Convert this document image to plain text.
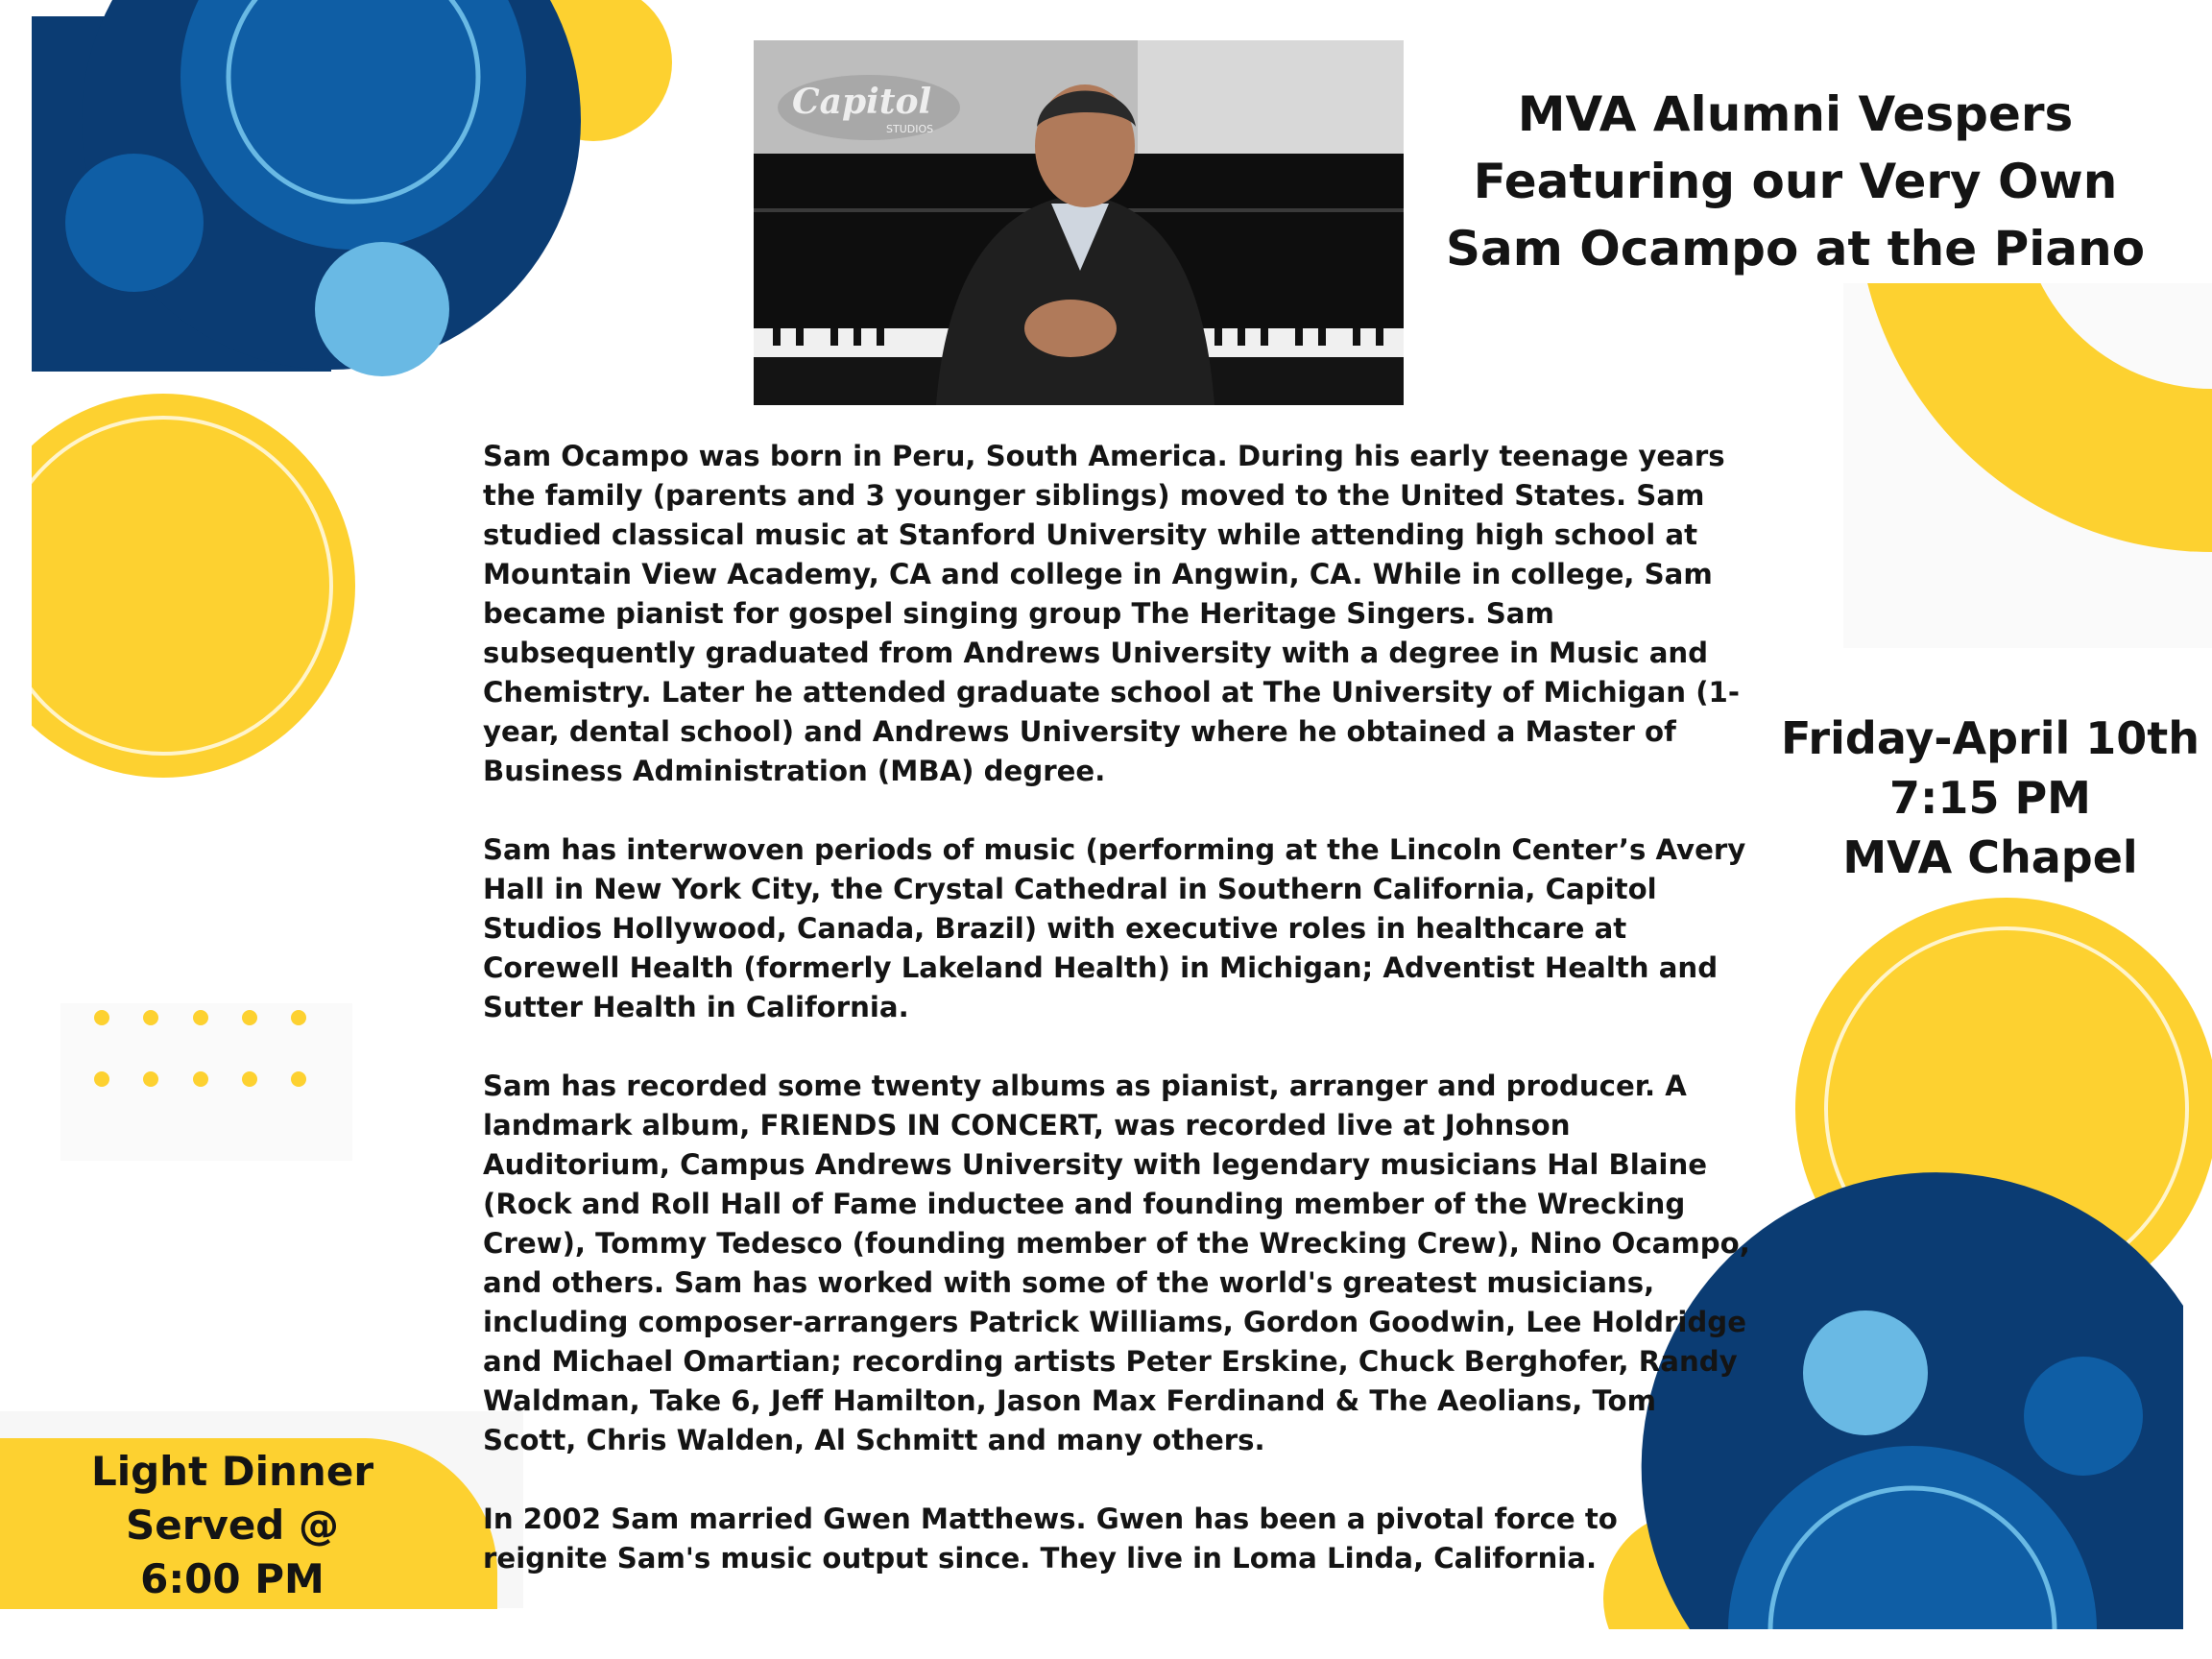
Capitol
STUDIOS	MVA Alumni Vespers
Featuring our Very Own
Sam Ocampo at the Piano

Sam Ocampo was born in Peru, South America. During his early teenage years the family (parents and 3 younger siblings) moved to the United States. Sam studied classical music at Stanford University while attending high school at Mountain View Academy, CA and college in Angwin, CA. While in college, Sam became pianist for gospel singing group The Heritage Singers. Sam subsequently graduated from Andrews University with a degree in Music and Chemistry. Later he attended graduate school at The University of Michigan (1-year, dental school) and Andrews University where he obtained a Master of Business Administration (MBA) degree.

Sam has interwoven periods of music (performing at the Lincoln Center’s Avery Hall in New York City, the Crystal Cathedral in Southern California, Capitol Studios Hollywood, Canada, Brazil) with executive roles in healthcare at Corewell Health (formerly Lakeland Health) in Michigan; Adventist Health and Sutter Health in California.

Sam has recorded some twenty albums as pianist, arranger and producer. A landmark album, FRIENDS IN CONCERT, was recorded live at Johnson Auditorium, Campus Andrews University with legendary musicians Hal Blaine (Rock and Roll Hall of Fame inductee and founding member of the Wrecking Crew), Tommy Tedesco (founding member of the Wrecking Crew), Nino Ocampo, and others. Sam has worked with some of the world's greatest musicians, including composer-arrangers Patrick Williams, Gordon Goodwin, Lee Holdridge and Michael Omartian; recording artists Peter Erskine, Chuck Berghofer, Randy Waldman, Take 6, Jeff Hamilton, Jason Max Ferdinand & The Aeolians, Tom Scott, Chris Walden, Al Schmitt and many others.

In 2002 Sam married Gwen Matthews. Gwen has been a pivotal force to reignite Sam's music output since. They live in Loma Linda, California.

Friday-April 10th
7:15 PM
MVA Chapel
Light Dinner
Served @
6:00 PM
